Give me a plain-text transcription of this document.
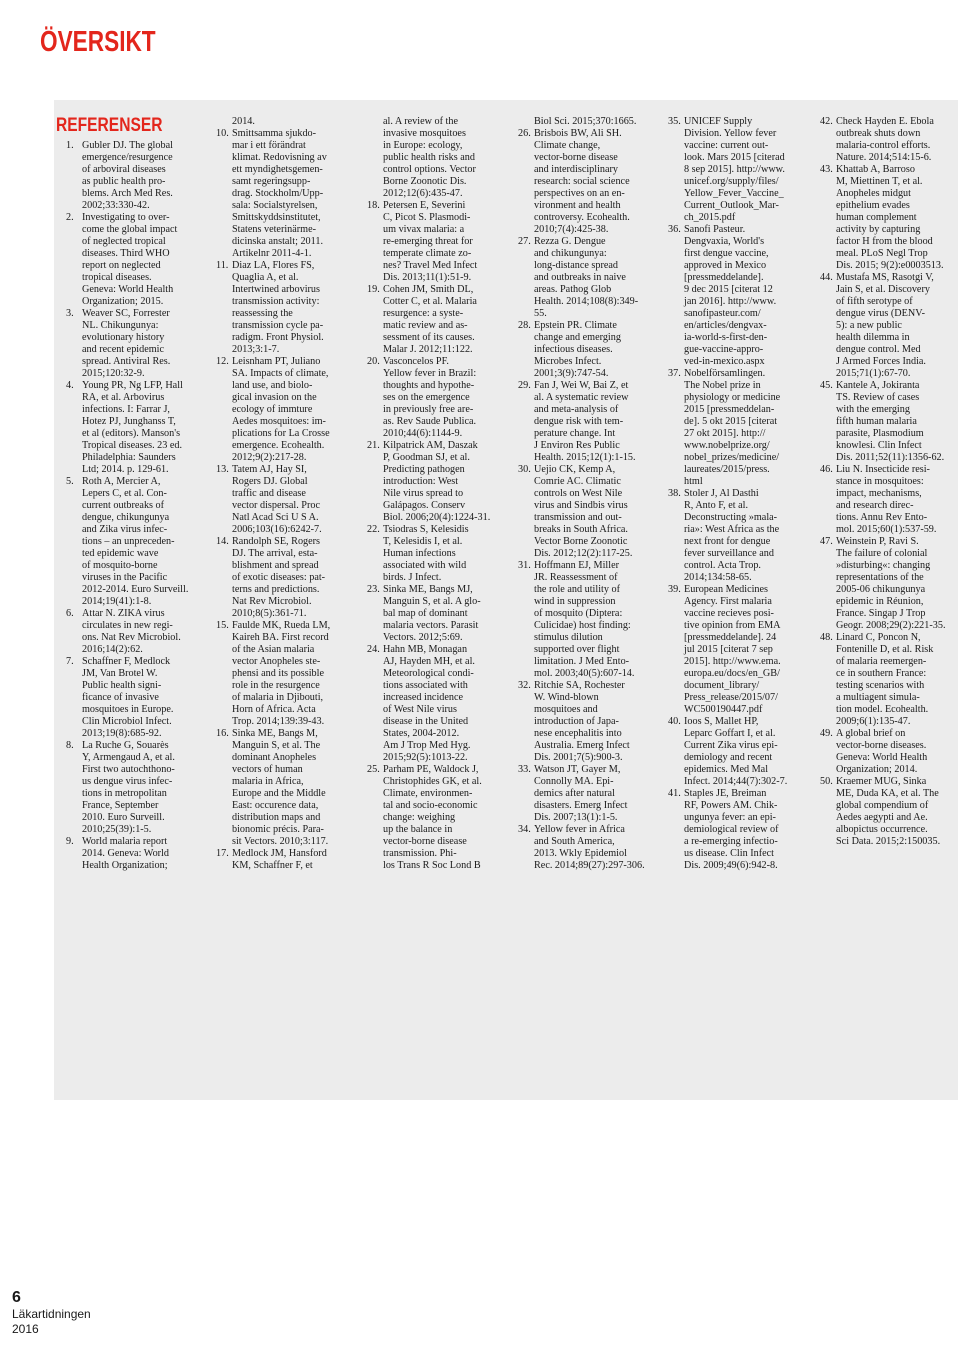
ÖVERSIKT
REFERENSER
1. Gubler DJ. The global
emergence/resurgence
of arboviral diseases
as public health pro-
blems. Arch Med Res.
2002;33:330-42.
2. Investigating to over-
come the global impact
of neglected tropical
diseases. Third WHO
report on neglected
tropical diseases.
Geneva: World Health
Organization; 2015.
3. Weaver SC, Forrester
NL. Chikungunya:
evolutionary history
and recent epidemic
spread. Antiviral Res.
2015;120:32-9.
4. Young PR, Ng LFP, Hall
RA, et al. Arbovirus
infections. I: Farrar J,
Hotez PJ, Junghanss T,
et al (editors). Manson's
Tropical diseases. 23 ed.
Philadelphia: Saunders
Ltd; 2014. p. 129-61.
5. Roth A, Mercier A,
Lepers C, et al. Con-
current outbreaks of
dengue, chikungunya
and Zika virus infec-
tions – an unpreceden-
ted epidemic wave
of mosquito-borne
viruses in the Pacific
2012-2014. Euro Surveill.
2014;19(41):1-8.
6. Attar N. ZIKA virus
circulates in new regi-
ons. Nat Rev Microbiol.
2016;14(2):62.
7. Schaffner F, Medlock
JM, Van Brotel W.
Public health signi-
ficance of invasive
mosquitoes in Europe.
Clin Microbiol Infect.
2013;19(8):685-92.
8. La Ruche G, Souarès
Y, Armengaud A, et al.
First two autochthono-
us dengue virus infec-
tions in metropolitan
France, September
2010. Euro Surveill.
2010;25(39):1-5.
9. World malaria report
2014. Geneva: World
Health Organization;
2014.
10. Smittsamma sjukdo-
mar i ett förändrat
klimat. Redovisning av
ett myndighetsgemen-
samt regeringsupp-
drag. Stockholm/Upp-
sala: Socialstyrelsen,
Smittskyddsinstitutet,
Statens veterinärme-
dicinska anstalt; 2011.
Artikelnr 2011-4-1.
11. Diaz LA, Flores FS,
Quaglia A, et al.
Intertwined arbovirus
transmission activity:
reassessing the
transmission cycle pa-
radigm. Front Physiol.
2013;3:1-7.
12. Leisnham PT, Juliano
SA. Impacts of climate,
land use, and biolo-
gical invasion on the
ecology of immture
Aedes mosquitoes: im-
plications for La Crosse
emergence. Ecohealth.
2012;9(2):217-28.
13. Tatem AJ, Hay SI,
Rogers DJ. Global
traffic and disease
vector dispersal. Proc
Natl Acad Sci U S A.
2006;103(16):6242-7.
14. Randolph SE, Rogers
DJ. The arrival, esta-
blishment and spread
of exotic diseases: pat-
terns and predictions.
Nat Rev Microbiol.
2010;8(5):361-71.
15. Faulde MK, Rueda LM,
Kaireh BA. First record
of the Asian malaria
vector Anopheles ste-
phensi and its possible
role in the resurgence
of malaria in Djibouti,
Horn of Africa. Acta
Trop. 2014;139:39-43.
16. Sinka ME, Bangs M,
Manguin S, et al. The
dominant Anopheles
vectors of human
malaria in Africa,
Europe and the Middle
East: occurence data,
distribution maps and
bionomic précis. Para-
sit Vectors. 2010;3:117.
17. Medlock JM, Hansford
KM, Schaffner F, et
al. A review of the
invasive mosquitoes
in Europe: ecology,
public health risks and
control options. Vector
Borne Zoonotic Dis.
2012;12(6):435-47.
18. Petersen E, Severini
C, Picot S. Plasmodi-
um vivax malaria: a
re-emerging threat for
temperate climate zo-
nes? Travel Med Infect
Dis. 2013;11(1):51-9.
19. Cohen JM, Smith DL,
Cotter C, et al. Malaria
resurgence: a syste-
matic review and as-
sessment of its causes.
Malar J. 2012;11:122.
20. Vasconcelos PF.
Yellow fever in Brazil:
thoughts and hypothe-
ses on the emergence
in previously free are-
as. Rev Saude Publica.
2010;44(6):1144-9.
21. Kilpatrick AM, Daszak
P, Goodman SJ, et al.
Predicting pathogen
introduction: West
Nile virus spread to
Galápagos. Conserv
Biol. 2006;20(4):1224-31.
22. Tsiodras S, Kelesidis
T, Kelesidis I, et al.
Human infections
associated with wild
birds. J Infect.
23. Sinka ME, Bangs MJ,
Manguin S, et al. A glo-
bal map of dominant
malaria vectors. Parasit
Vectors. 2012;5:69.
24. Hahn MB, Monagan
AJ, Hayden MH, et al.
Meteorological condi-
tions associated with
increased incidence
of West Nile virus
disease in the United
States, 2004-2012.
Am J Trop Med Hyg.
2015;92(5):1013-22.
25. Parham PE, Waldock J,
Christophides GK, et al.
Climate, environmen-
tal and socio-economic
change: weighing
up the balance in
vector-borne disease
transmission. Phi-
los Trans R Soc Lond B
Biol Sci. 2015;370:1665.
26. Brisbois BW, Ali SH.
Climate change,
vector-borne disease
and interdisciplinary
research: social science
perspectives on an en-
vironment and health
controversy. Ecohealth.
2010;7(4):425-38.
27. Rezza G. Dengue
and chikungunya:
long-distance spread
and outbreaks in naive
areas. Pathog Glob
Health. 2014;108(8):349-
55.
28. Epstein PR. Climate
change and emerging
infectious diseases.
Microbes Infect.
2001;3(9):747-54.
29. Fan J, Wei W, Bai Z, et
al. A systematic review
and meta-analysis of
dengue risk with tem-
perature change. Int
J Environ Res Public
Health. 2015;12(1):1-15.
30. Uejio CK, Kemp A,
Comrie AC. Climatic
controls on West Nile
virus and Sindbis virus
transmission and out-
breaks in South Africa.
Vector Borne Zoonotic
Dis. 2012;12(2):117-25.
31. Hoffmann EJ, Miller
JR. Reassessment of
the role and utility of
wind in suppression
of mosquito (Diptera:
Culicidae) host finding:
stimulus dilution
supported over flight
limitation. J Med Ento-
mol. 2003;40(5):607-14.
32. Ritchie SA, Rochester
W. Wind-blown
mosquitoes and
introduction of Japa-
nese encephalitis into
Australia. Emerg Infect
Dis. 2001;7(5):900-3.
33. Watson JT, Gayer M,
Connolly MA. Epi-
demics after natural
disasters. Emerg Infect
Dis. 2007;13(1):1-5.
34. Yellow fever in Africa
and South America,
2013. Wkly Epidemiol
Rec. 2014;89(27):297-306.
35. UNICEF Supply
Division. Yellow fever
vaccine: current out-
look. Mars 2015 [citerad
8 sep 2015]. http://www.
unicef.org/supply/files/
Yellow_Fever_Vaccine_
Current_Outlook_Mar-
ch_2015.pdf
36. Sanofi Pasteur.
Dengvaxia, World's
first dengue vaccine,
approved in Mexico
[pressmeddelande].
9 dec 2015 [citerat 12
jan 2016]. http://www.
sanofipasteur.com/
en/articles/dengvax-
ia-world-s-first-den-
gue-vaccine-appro-
ved-in-mexico.aspx
37. Nobelförsamlingen.
The Nobel prize in
physiology or medicine
2015 [pressmeddelan-
de]. 5 okt 2015 [citerat
27 okt 2015]. http://
www.nobelprize.org/
nobel_prizes/medicine/
laureates/2015/press.
html
38. Stoler J, Al Dasthi
R, Anto F, et al.
Deconstructing »mala-
ria»: West Africa as the
next front for dengue
fever surveillance and
control. Acta Trop.
2014;134:58-65.
39. European Medicines
Agency. First malaria
vaccine recieves posi-
tive opinion from EMA
[pressmeddelande]. 24
jul 2015 [citerat 7 sep
2015]. http://www.ema.
europa.eu/docs/en_GB/
document_library/
Press_release/2015/07/
WC500190447.pdf
40. Ioos S, Mallet HP,
Leparc Goffart I, et al.
Current Zika virus epi-
demiology and recent
epidemics. Med Mal
Infect. 2014;44(7):302-7.
41. Staples JE, Breiman
RF, Powers AM. Chik-
ungunya fever: an epi-
demiological review of
a re-emerging infectio-
us disease. Clin Infect
Dis. 2009;49(6):942-8.
42. Check Hayden E. Ebola
outbreak shuts down
malaria-control efforts.
Nature. 2014;514:15-6.
43. Khattab A, Barroso
M, Miettinen T, et al.
Anopheles midgut
epithelium evades
human complement
activity by capturing
factor H from the blood
meal. PLoS Negl Trop
Dis. 2015; 9(2):e0003513.
44. Mustafa MS, Rasotgi V,
Jain S, et al. Discovery
of fifth serotype of
dengue virus (DENV-
5): a new public
health dilemma in
dengue control. Med
J Armed Forces India.
2015;71(1):67-70.
45. Kantele A, Jokiranta
TS. Review of cases
with the emerging
fifth human malaria
parasite, Plasmodium
knowlesi. Clin Infect
Dis. 2011;52(11):1356-62.
46. Liu N. Insecticide resi-
stance in mosquitoes:
impact, mechanisms,
and research direc-
tions. Annu Rev Ento-
mol. 2015;60(1):537-59.
47. Weinstein P, Ravi S.
The failure of colonial
»disturbing«: changing
representations of the
2005-06 chikungunya
epidemic in Réunion,
France. Singap J Trop
Geogr. 2008;29(2):221-35.
48. Linard C, Poncon N,
Fontenille D, et al. Risk
of malaria reemergen-
ce in southern France:
testing scenarios with
a multiagent simula-
tion model. Ecohealth.
2009;6(1):135-47.
49. A global brief on
vector-borne diseases.
Geneva: World Health
Organization; 2014.
50. Kraemer MUG, Sinka
ME, Duda KA, et al. The
global compendium of
Aedes aegypti and Ae.
albopictus occurrence.
Sci Data. 2015;2:150035.
6
Läkartidningen
2016
